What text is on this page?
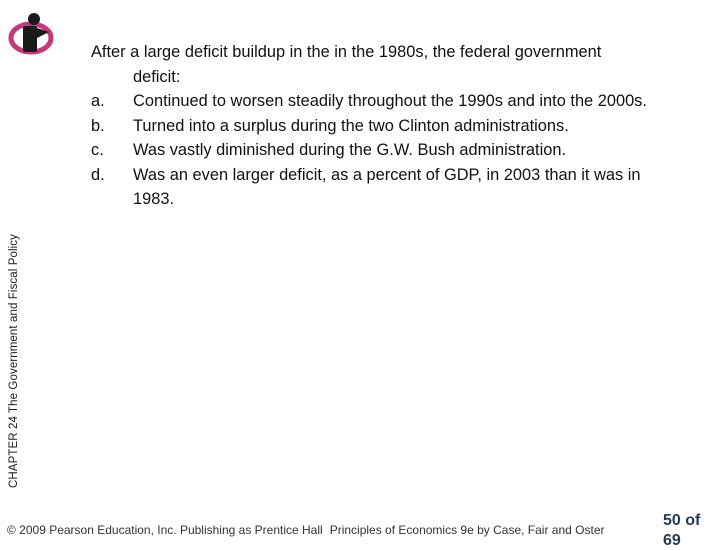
CHAPTER 24 The Government and Fiscal Policy

After a large deficit buildup in the in the 1980s, the federal government deficit:

a.	Continued to worsen steadily throughout the 1990s and into the 2000s.
b.	Turned into a surplus during the two Clinton administrations.
c.	Was vastly diminished during the G.W. Bush administration.
d.	Was an even larger deficit, as a percent of GDP, in 2003 than it was in 1983.
© 2009 Pearson Education, Inc. Publishing as Prentice Hall Principles of Economics 9e by Case, Fair and Oster
50 of 69
